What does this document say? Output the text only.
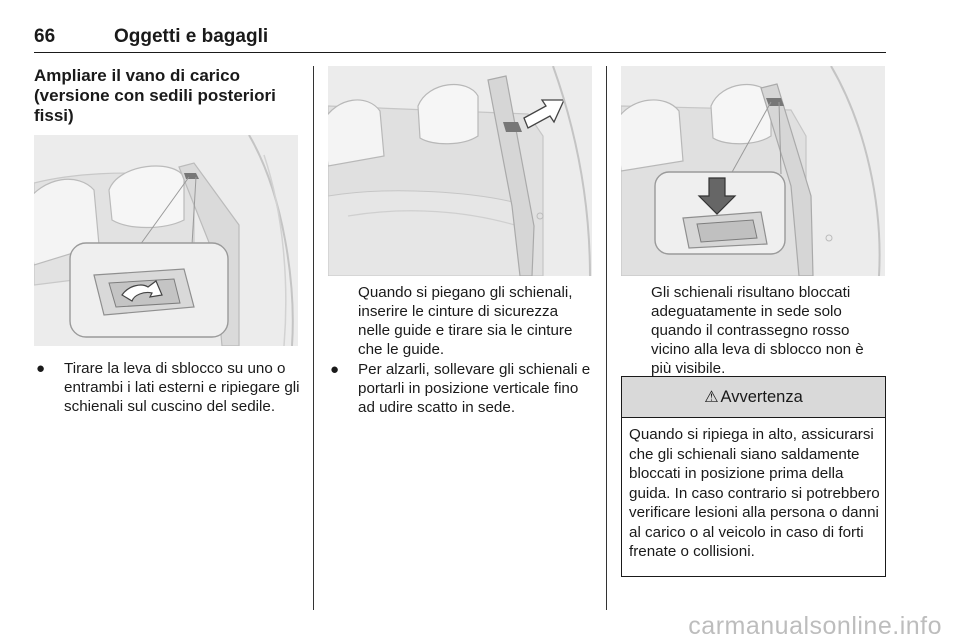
66	Oggetti e bagagli
Ampliare il vano di carico (versione con sedili posteriori fissi)
● Tirare la leva di sblocco su uno o entrambi i lati esterni e ripiegare gli schienali sul cuscino del sedile.
Quando si piegano gli schienali, inserire le cinture di sicurezza nelle guide e tirare sia le cinture che le guide.
● Per alzarli, sollevare gli schienali e portarli in posizione verticale fino ad udire scatto in sede.
Gli schienali risultano bloccati adeguatamente in sede solo quando il contrassegno rosso vicino alla leva di sblocco non è più visibile.
⚠ Avvertenza
Quando si ripiega in alto, assicurarsi che gli schienali siano saldamente bloccati in posizione prima della guida. In caso contrario si potrebbero verificare lesioni alla persona o danni al carico o al veicolo in caso di forti frenate o collisioni.
carmanualsonline.info
